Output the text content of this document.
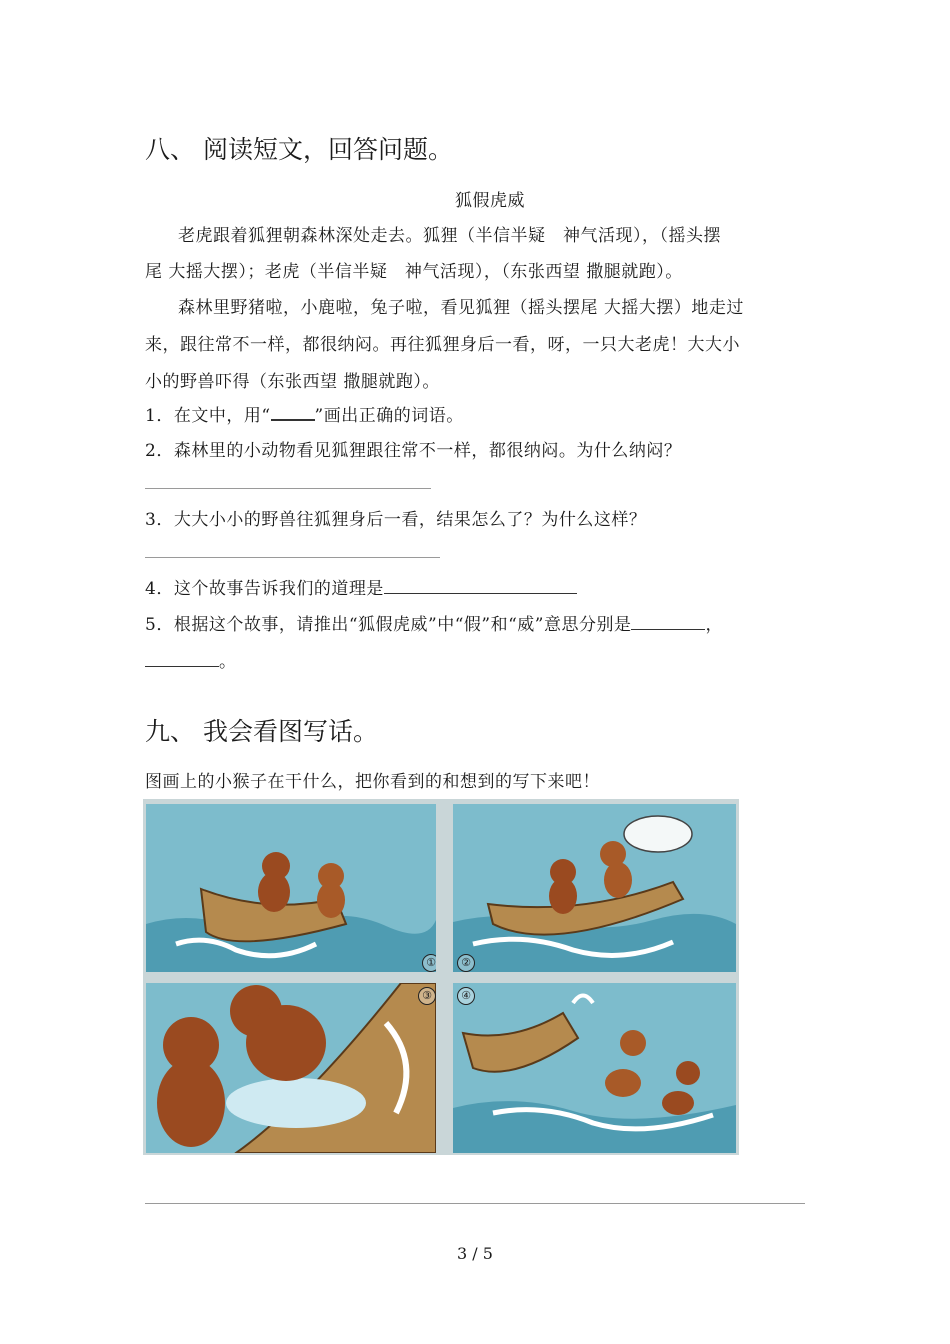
八、 阅读短文，回答问题。
狐假虎威
老虎跟着狐狸朝森林深处走去。狐狸（半信半疑　神气活现），（摇头摆
尾 大摇大摆）；老虎（半信半疑　神气活现），（东张西望 撒腿就跑）。
森林里野猪啦，小鹿啦，兔子啦，看见狐狸（摇头摆尾 大摇大摆）地走过
来，跟往常不一样，都很纳闷。再往狐狸身后一看，呀，一只大老虎！大大小
小的野兽吓得（东张西望 撒腿就跑）。
1．在文中，用“	”画出正确的词语。
2．森林里的小动物看见狐狸跟往常不一样，都很纳闷。为什么纳闷？
3．大大小小的野兽往狐狸身后一看，结果怎么了？为什么这样？
4．这个故事告诉我们的道理是
5．根据这个故事，请推出“狐假虎威”中“假”和“威”意思分别是	，
。
九、 我会看图写话。
图画上的小猴子在干什么，把你看到的和想到的写下来吧！
①	②
③	④
3 / 5
